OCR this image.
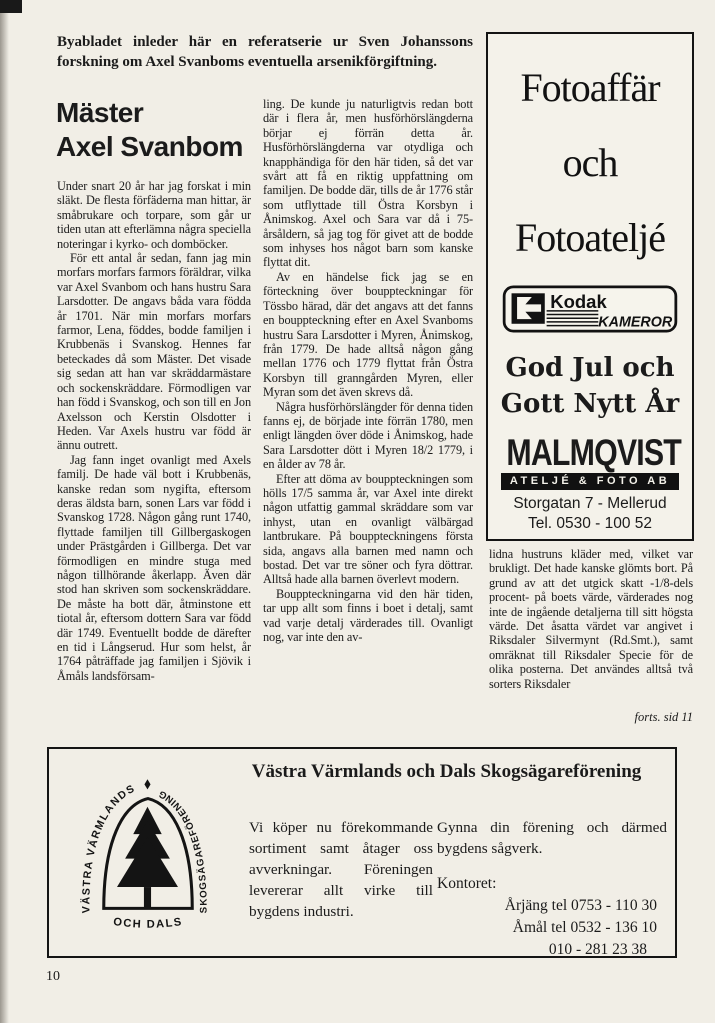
Byabladet inleder här en referatserie ur Sven Johanssons forskning om Axel Svanboms eventuella arsenikförgiftning.
Mäster
Axel Svanbom

Under snart 20 år har jag forskat i min släkt. De flesta förfäderna man hittar, är småbrukare och torpare, som går ur tiden utan att efterlämna några speciella noteringar i kyrko- och domböcker.

För ett antal år sedan, fann jag min morfars morfars farmors föräldrar, vilka var Axel Svanbom och hans hustru Sara Larsdotter. De angavs båda vara födda år 1701. När min morfars morfars farmor, Lena, föddes, bodde familjen i Krubbenäs i Svanskog. Hennes far beteckades då som Mäster. Det visade sig sedan att han var skräddarmästare och sockenskräddare. Förmodligen var han född i Svanskog, och son till en Jon Axelsson och Kerstin Olsdotter i Heden. Var Axels hustru var född är ännu outrett.

Jag fann inget ovanligt med Axels familj. De hade väl bott i Krubbenäs, kanske redan som nygifta, eftersom deras äldsta barn, sonen Lars var född i Svanskog 1728. Någon gång runt 1740, flyttade familjen till Gillbergaskogen under Prästgården i Gillberga. Det var förmodligen en mindre stuga med någon tillhörande åkerlapp. Även där stod han skriven som sockenskräddare. De måste ha bott där, åtminstone ett tiotal år, eftersom dottern Sara var född där 1749. Eventuellt bodde de därefter en tid i Långserud. Hur som helst, år 1764 påträffade jag familjen i Sjövik i Åmåls landsförsam-

ling. De kunde ju naturligtvis redan bott där i flera år, men husförhörslängderna börjar ej förrän detta år. Husförhörslängderna var otydliga och knapphändiga för den här tiden, så det var svårt att få en riktig uppfattning om familjen. De bodde där, tills de år 1776 står som utflyttade till Östra Korsbyn i Ånimskog. Axel och Sara var då i 75-årsåldern, så jag tog för givet att de bodde som inhyses hos något barn som kanske flyttat dit.

Av en händelse fick jag se en förteckning över bouppteckningar för Tössbo härad, där det angavs att det fanns en bouppteckning efter en Axel Svanboms hustru Sara Larsdotter i Myren, Ånimskog, från 1779. De hade alltså någon gång mellan 1776 och 1779 flyttat från Östra Korsbyn till granngården Myren, eller Myran som det även skrevs då.

Några husförhörslängder för denna tiden fanns ej, de började inte förrän 1780, men enligt längden över döde i Ånimskog, hade Sara Larsdotter dött i Myren 18/2 1779, i en ålder av 78 år.

Efter att döma av bouppteckningen som hölls 17/5 samma år, var Axel inte direkt någon utfattig gammal skräddare som var inhyst, utan en ovanligt välbärgad lantbrukare. På bouppteckningens första sida, angavs alla barnen med namn och bostad. Det var tre söner och fyra döttrar. Alltså hade alla barnen överlevt modern.

Bouppteckningarna vid den här tiden, tar upp allt som finns i boet i detalj, samt vad varje detalj värderades till. Ovanligt nog, var inte den av-

lidna hustruns kläder med, vilket var brukligt. Det hade kanske glömts bort. På grund av att det utgick skatt -1/8-dels procent- på boets värde, värderades nog inte de ingående detaljerna till sitt högsta värde. Det åsatta värdet var angivet i Riksdaler Silvermynt (Rd.Smt.), samt omräknat till Riksdaler Specie för de olika posterna. Det användes alltså två sorters Riksdaler

forts. sid 11
Fotoaffär
och
Fotoateljé
Kodak
KAMEROR
God Jul och
Gott Nytt År
MALMQVIST
ATELJÉ & FOTO AB
Storgatan 7 - Mellerud
Tel. 0530 - 100 52
Västra Värmlands och Dals Skogsägareförening
VÄSTRA VÄRMLANDS
SKOGSÄGAREFÖRENING
OCH DALS
Vi köper nu förekommande sortiment samt åtager oss avverkningar. Föreningen levererar allt virke till bygdens industri.
Gynna din förening och därmed bygdens sågverk.
Kontoret:
Årjäng tel 0753 - 110 30
Åmål tel 0532 - 136 10
010 - 281 23 38
10
